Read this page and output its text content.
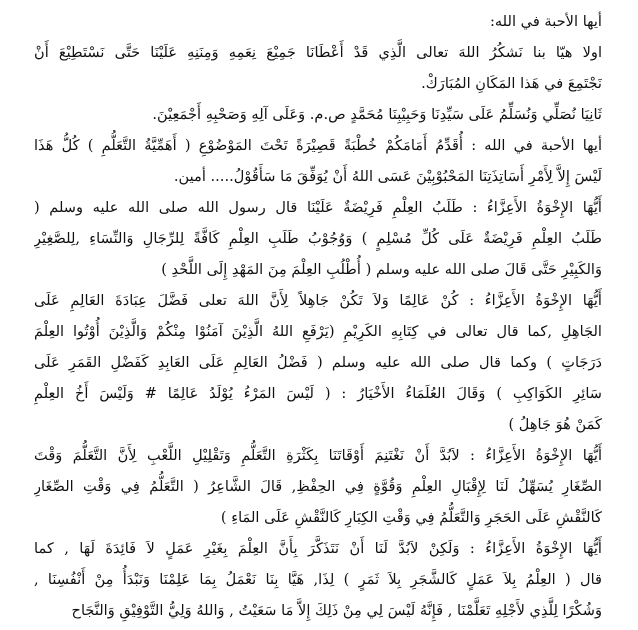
أيها الأحبة في الله:
اولا هيّا بنا نَشكُرُ اللهَ تعالى الَّذِي قَدْ أَعْطَانَا جَمِيْعَ نِعَمِهِ وَمِنَنِهِ عَلَيْنَا حَتَّى نَسْتَطِيْعَ أَنْ
نَجْتَمِعَ في هَذا المَكَانِ المُبَارَكْ.
ثَانِيَا نُصَلِّي وَنُسَلِّمُ عَلَى سَيِّدِنَا وَحَبِيْبِنَا مُحَمَّدٍ ص.م. وَعَلَى آلِهِ وَصَحْبِهِ أَجْمَعِيْنَ.
أيها الأحبة في الله : أُقَدِّمُ أَمَامَكُمْ خُطْبَةً قَصِيْرَةً تَحْتَ المَوْضُوْعِ ( أَهَمِّيَّةُ التَّعَلُّمِ ) كُلُّ هَذَا
لَيْسَ إِلاَّ لِأَمْرِ أَسَاتِذَتِنَا المَحْبُوْبِيْنَ عَسَى اللهُ أَنْ يُوَفِّقَ مَا سَأَقُوْلُ..... أمين.
أَيُّهَا الإِخْوَةُ الأَعِزَّاءُ : طَلَبُ العِلْمِ فَرِيْضَةٌ عَلَيْنَا قال رسول الله صلى الله عليه وسلم (
طَلَبُ العِلْمِ فَرِيْضَةٌ عَلَى كُلِّ مُسْلِمٍ ) وَوُجُوْبُ طَلَبِ العِلْمِ كَافَّةً لِلرِّجَالِ وَالنِّسَاءِ ,لِلصَّغِيْرِ
وَالكَبِيْرِ حَتَّى قَالَ صلى الله عليه وسلم ( أُطْلُبِ العِلْمَ مِنَ المَهْدِ إِلَى اللَّحْدِ )
أَيُّهَا الإِخْوَةُ الأَعِزَّاءُ : كُنْ عَالِمًا وَلاَ تَكُنْ جَاهِلاً لِأَنَّ اللهَ تعلى فَضَّلَ عِبَادَةَ العَالِمِ عَلَى
الجَاهِلِ ,كما قال تعالى في كِتَابِهِ الكَرِيْمِ (يَرْفَعِ اللهُ الَّذِيْنَ آمَنُوْا مِنْكُمْ وَالَّذِيْنَ أُوْتُوا العِلْمَ
دَرَجَاتٍ ) وكما قال صلى الله عليه وسلم ( فَضْلُ العَالِمِ عَلَى العَابِدِ كَفَضْلِ القَمَرِ عَلَى
سَائِرِ الكَوَاكِبِ ) وَقَالَ العُلَمَاءُ الأَخْيَارُ : ( لَيْسَ المَرْءُ يُوْلَدُ عَالِمًا # وَلَيْسَ أَخُ العِلْمِ
كَمَنْ هُوَ جَاهِلُ )
أَيُّهَا الإِخْوَةُ الأَعِزَّاءُ : لاَبُدَّ أَنْ نَغْتَنِمَ أَوْقَاتَنَا بِكَثْرَةِ التَّعَلُّمِ وَتَقْلِيْلِ اللَّعْبِ لِأَنَّ التَّعَلُّمَ وَقْتَ
الصِّغَارِ يُسَهِّلُ لَنَا لِإِقْبَالِ العِلْمِ وَقُوَّةٍ فِي الحِفْظِ, قَالَ الشَّاعِرُ ( التَّعَلُّمُ فِي وَقْتِ الصِّغَارِ
كَالنَّقْشِ عَلَى الحَجَرِ وَالتَّعَلُّمُ فِي وَقْتِ الكِبَارِ كَالنَّقْشِ عَلَى المَاءِ )
أَيُّهَا الإِخْوَةُ الأَعِزَّاءُ : وَلَكِنْ لاَبُدَّ لَنَا أَنْ نَتَذَكَّرَ بِأَنَّ العِلْمَ بِغَيْرِ عَمَلٍ لاَ فَائِدَةَ لَهَا , كما
قال ( العِلْمُ بِلاَ عَمَلٍ كَالشَّجَرِ بِلاَ ثَمَرٍ ) لِذَا, هَيَّا بِنَا نَعْمَلُ بِمَا عَلِمْنَا وَنَبْدَأُ مِنْ أَنْفُسِنَا ,
وَشُكْرًا لِلَّذِي لأَجْلِهِ تَعَلَّمْنَا , فَإِنَّهُ لَيْسَ لِي مِنْ ذَلِكَ إِلاَّ مَا سَعَيْتُ , وَاللهُ وَلِيُّ التَّوْفِيْقِ وَالنَّجَاح
